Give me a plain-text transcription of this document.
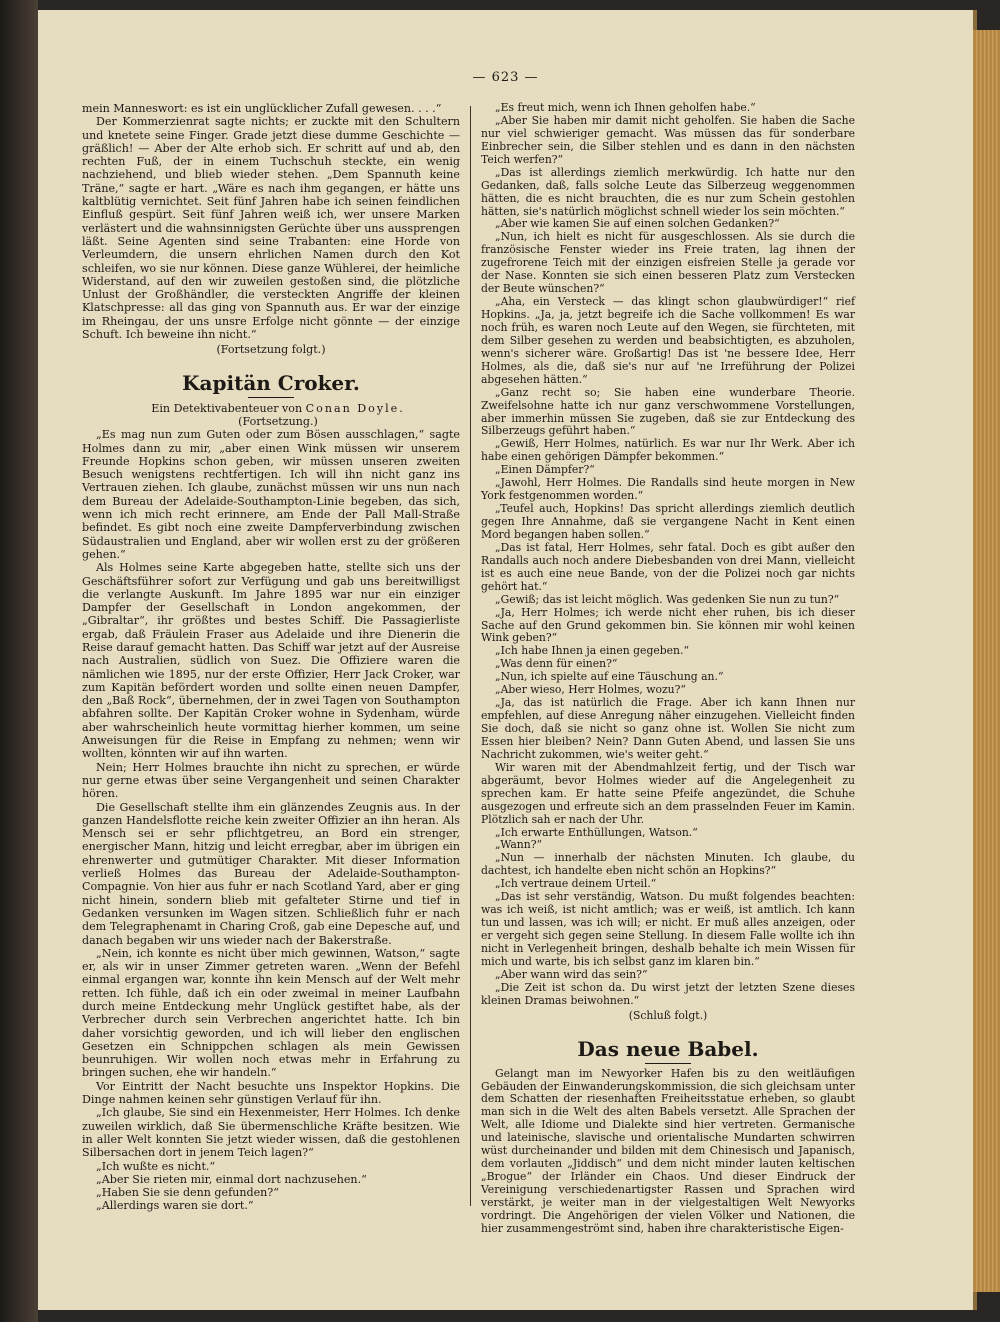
— 623 —

mein Manneswort: es ist ein unglücklicher Zufall gewesen. . . .“

Der Kommerzienrat sagte nichts; er zuckte mit den Schultern und knetete seine Finger. Grade jetzt diese dumme Geschichte — gräßlich! — Aber der Alte erhob sich. Er schritt auf und ab, den rechten Fuß, der in einem Tuchschuh steckte, ein wenig nachziehend, und blieb wieder stehen. „Dem Spannuth keine Träne,“ sagte er hart. „Wäre es nach ihm gegangen, er hätte uns kaltblütig vernichtet. Seit fünf Jahren habe ich seinen feindlichen Einfluß gespürt. Seit fünf Jahren weiß ich, wer unsere Marken verlästert und die wahnsinnigsten Gerüchte über uns aussprengen läßt. Seine Agenten sind seine Trabanten: eine Horde von Verleumdern, die unsern ehrlichen Namen durch den Kot schleifen, wo sie nur können. Diese ganze Wühlerei, der heimliche Widerstand, auf den wir zuweilen gestoßen sind, die plötzliche Unlust der Großhändler, die versteckten Angriffe der kleinen Klatschpresse: all das ging von Spannuth aus. Er war der einzige im Rheingau, der uns unsre Erfolge nicht gönnte — der einzige Schuft. Ich beweine ihn nicht.“

(Fortsetzung folgt.)
Kapitän Croker.

Ein Detektivabenteuer von Conan Doyle.

(Fortsetzung.)

„Es mag nun zum Guten oder zum Bösen ausschlagen,“ sagte Holmes dann zu mir, „aber einen Wink müssen wir unserem Freunde Hopkins schon geben, wir müssen unseren zweiten Besuch wenigstens rechtfertigen. Ich will ihn nicht ganz ins Vertrauen ziehen. Ich glaube, zunächst müssen wir uns nun nach dem Bureau der Adelaide-Southampton-Linie begeben, das sich, wenn ich mich recht erinnere, am Ende der Pall Mall-Straße befindet. Es gibt noch eine zweite Dampferverbindung zwischen Südaustralien und England, aber wir wollen erst zu der größeren gehen.“

Als Holmes seine Karte abgegeben hatte, stellte sich uns der Geschäftsführer sofort zur Verfügung und gab uns bereitwilligst die verlangte Auskunft. Im Jahre 1895 war nur ein einziger Dampfer der Gesellschaft in London angekommen, der „Gibraltar“, ihr größtes und bestes Schiff. Die Passagierliste ergab, daß Fräulein Fraser aus Adelaide und ihre Dienerin die Reise darauf gemacht hatten. Das Schiff war jetzt auf der Ausreise nach Australien, südlich von Suez. Die Offiziere waren die nämlichen wie 1895, nur der erste Offizier, Herr Jack Croker, war zum Kapitän befördert worden und sollte einen neuen Dampfer, den „Baß Rock“, übernehmen, der in zwei Tagen von Southampton abfahren sollte. Der Kapitän Croker wohne in Sydenham, würde aber wahrscheinlich heute vormittag hierher kommen, um seine Anweisungen für die Reise in Empfang zu nehmen; wenn wir wollten, könnten wir auf ihn warten.

Nein; Herr Holmes brauchte ihn nicht zu sprechen, er würde nur gerne etwas über seine Vergangenheit und seinen Charakter hören.

Die Gesellschaft stellte ihm ein glänzendes Zeugnis aus. In der ganzen Handelsflotte reiche kein zweiter Offizier an ihn heran. Als Mensch sei er sehr pflichtgetreu, an Bord ein strenger, energischer Mann, hitzig und leicht erregbar, aber im übrigen ein ehrenwerter und gutmütiger Charakter. Mit dieser Information verließ Holmes das Bureau der Adelaide-Southampton-Compagnie. Von hier aus fuhr er nach Scotland Yard, aber er ging nicht hinein, sondern blieb mit gefalteter Stirne und tief in Gedanken versunken im Wagen sitzen. Schließlich fuhr er nach dem Telegraphenamt in Charing Croß, gab eine Depesche auf, und danach begaben wir uns wieder nach der Bakerstraße.

„Nein, ich konnte es nicht über mich gewinnen, Watson,“ sagte er, als wir in unser Zimmer getreten waren. „Wenn der Befehl einmal ergangen war, konnte ihn kein Mensch auf der Welt mehr retten. Ich fühle, daß ich ein oder zweimal in meiner Laufbahn durch meine Entdeckung mehr Unglück gestiftet habe, als der Verbrecher durch sein Verbrechen angerichtet hatte. Ich bin daher vorsichtig geworden, und ich will lieber den englischen Gesetzen ein Schnippchen schlagen als mein Gewissen beunruhigen. Wir wollen noch etwas mehr in Erfahrung zu bringen suchen, ehe wir handeln.“

Vor Eintritt der Nacht besuchte uns Inspektor Hopkins. Die Dinge nahmen keinen sehr günstigen Verlauf für ihn.

„Ich glaube, Sie sind ein Hexenmeister, Herr Holmes. Ich denke zuweilen wirklich, daß Sie übermenschliche Kräfte besitzen. Wie in aller Welt konnten Sie jetzt wieder wissen, daß die gestohlenen Silbersachen dort in jenem Teich lagen?“

„Ich wußte es nicht.“

„Aber Sie rieten mir, einmal dort nachzusehen.“

„Haben Sie sie denn gefunden?“

„Allerdings waren sie dort.“

„Es freut mich, wenn ich Ihnen geholfen habe.“

„Aber Sie haben mir damit nicht geholfen. Sie haben die Sache nur viel schwieriger gemacht. Was müssen das für sonderbare Einbrecher sein, die Silber stehlen und es dann in den nächsten Teich werfen?“

„Das ist allerdings ziemlich merkwürdig. Ich hatte nur den Gedanken, daß, falls solche Leute das Silberzeug weggenommen hätten, die es nicht brauchten, die es nur zum Schein gestohlen hätten, sie's natürlich möglichst schnell wieder los sein möchten.“

„Aber wie kamen Sie auf einen solchen Gedanken?“

„Nun, ich hielt es nicht für ausgeschlossen. Als sie durch die französische Fenster wieder ins Freie traten, lag ihnen der zugefrorene Teich mit der einzigen eisfreien Stelle ja gerade vor der Nase. Konnten sie sich einen besseren Platz zum Verstecken der Beute wünschen?“

„Aha, ein Versteck — das klingt schon glaubwürdiger!“ rief Hopkins. „Ja, ja, jetzt begreife ich die Sache vollkommen! Es war noch früh, es waren noch Leute auf den Wegen, sie fürchteten, mit dem Silber gesehen zu werden und beabsichtigten, es abzuholen, wenn's sicherer wäre. Großartig! Das ist 'ne bessere Idee, Herr Holmes, als die, daß sie's nur auf 'ne Irreführung der Polizei abgesehen hätten.“

„Ganz recht so; Sie haben eine wunderbare Theorie. Zweifelsohne hatte ich nur ganz verschwommene Vorstellungen, aber immerhin müssen Sie zugeben, daß sie zur Entdeckung des Silberzeugs geführt haben.“

„Gewiß, Herr Holmes, natürlich. Es war nur Ihr Werk. Aber ich habe einen gehörigen Dämpfer bekommen.“

„Einen Dämpfer?“

„Jawohl, Herr Holmes. Die Randalls sind heute morgen in New York festgenommen worden.“

„Teufel auch, Hopkins! Das spricht allerdings ziemlich deutlich gegen Ihre Annahme, daß sie vergangene Nacht in Kent einen Mord begangen haben sollen.“

„Das ist fatal, Herr Holmes, sehr fatal. Doch es gibt außer den Randalls auch noch andere Diebesbanden von drei Mann, vielleicht ist es auch eine neue Bande, von der die Polizei noch gar nichts gehört hat.“

„Gewiß; das ist leicht möglich. Was gedenken Sie nun zu tun?“

„Ja, Herr Holmes; ich werde nicht eher ruhen, bis ich dieser Sache auf den Grund gekommen bin. Sie können mir wohl keinen Wink geben?“

„Ich habe Ihnen ja einen gegeben.“

„Was denn für einen?“

„Nun, ich spielte auf eine Täuschung an.“

„Aber wieso, Herr Holmes, wozu?“

„Ja, das ist natürlich die Frage. Aber ich kann Ihnen nur empfehlen, auf diese Anregung näher einzugehen. Vielleicht finden Sie doch, daß sie nicht so ganz ohne ist. Wollen Sie nicht zum Essen hier bleiben? Nein? Dann Guten Abend, und lassen Sie uns Nachricht zukommen, wie's weiter geht.“

Wir waren mit der Abendmahlzeit fertig, und der Tisch war abgeräumt, bevor Holmes wieder auf die Angelegenheit zu sprechen kam. Er hatte seine Pfeife angezündet, die Schuhe ausgezogen und erfreute sich an dem prasselnden Feuer im Kamin. Plötzlich sah er nach der Uhr.

„Ich erwarte Enthüllungen, Watson.“

„Wann?“

„Nun — innerhalb der nächsten Minuten. Ich glaube, du dachtest, ich handelte eben nicht schön an Hopkins?“

„Ich vertraue deinem Urteil.“

„Das ist sehr verständig, Watson. Du mußt folgendes beachten: was ich weiß, ist nicht amtlich; was er weiß, ist amtlich. Ich kann tun und lassen, was ich will; er nicht. Er muß alles anzeigen, oder er vergeht sich gegen seine Stellung. In diesem Falle wollte ich ihn nicht in Verlegenheit bringen, deshalb behalte ich mein Wissen für mich und warte, bis ich selbst ganz im klaren bin.“

„Aber wann wird das sein?“

„Die Zeit ist schon da. Du wirst jetzt der letzten Szene dieses kleinen Dramas beiwohnen.“

(Schluß folgt.)
Das neue Babel.

Gelangt man im Newyorker Hafen bis zu den weitläufigen Gebäuden der Einwanderungskommission, die sich gleichsam unter dem Schatten der riesenhaften Freiheitsstatue erheben, so glaubt man sich in die Welt des alten Babels versetzt. Alle Sprachen der Welt, alle Idiome und Dialekte sind hier vertreten. Germanische und lateinische, slavische und orientalische Mundarten schwirren wüst durcheinander und bilden mit dem Chinesisch und Japanisch, dem vorlauten „Jiddisch“ und dem nicht minder lauten keltischen „Brogue“ der Irländer ein Chaos. Und dieser Eindruck der Vereinigung verschiedenartigster Rassen und Sprachen wird verstärkt, je weiter man in der vielgestaltigen Welt Newyorks vordringt. Die Angehörigen der vielen Völker und Nationen, die hier zusammengeströmt sind, haben ihre charakteristische Eigen-
